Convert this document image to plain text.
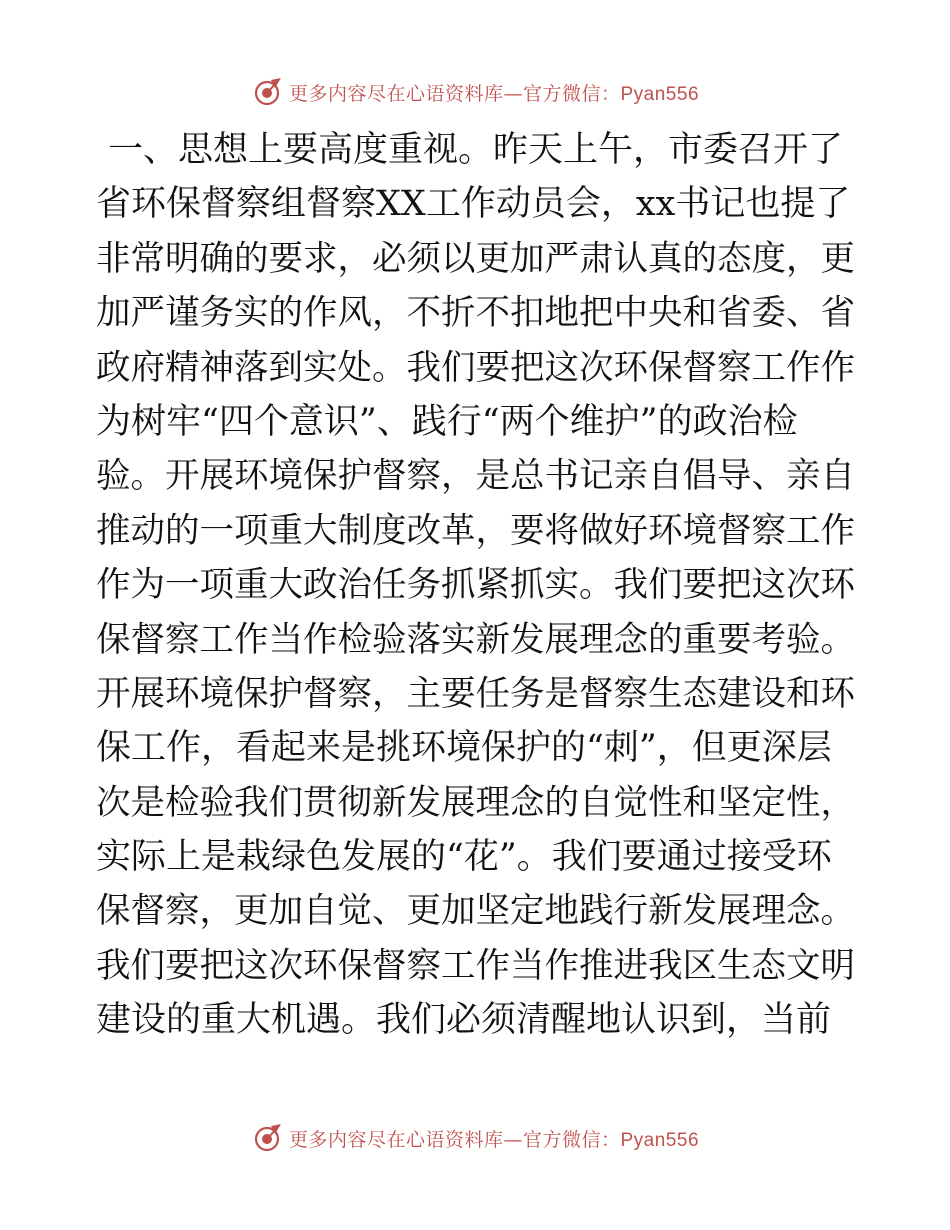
更多内容尽在心语资料库—官方微信：Pyan556
一、思想上要高度重视。昨天上午，市委召开了
省环保督察组督察XX工作动员会，xx书记也提了
非常明确的要求，必须以更加严肃认真的态度，更
加严谨务实的作风，不折不扣地把中央和省委、省
政府精神落到实处。我们要把这次环保督察工作作
为树牢“四个意识”、践行“两个维护”的政治检
验。开展环境保护督察，是总书记亲自倡导、亲自
推动的一项重大制度改革，要将做好环境督察工作
作为一项重大政治任务抓紧抓实。我们要把这次环
保督察工作当作检验落实新发展理念的重要考验。
开展环境保护督察，主要任务是督察生态建设和环
保工作，看起来是挑环境保护的“刺”，但更深层
次是检验我们贯彻新发展理念的自觉性和坚定性，
实际上是栽绿色发展的“花”。我们要通过接受环
保督察，更加自觉、更加坚定地践行新发展理念。
我们要把这次环保督察工作当作推进我区生态文明
建设的重大机遇。我们必须清醒地认识到，当前
更多内容尽在心语资料库—官方微信：Pyan556
